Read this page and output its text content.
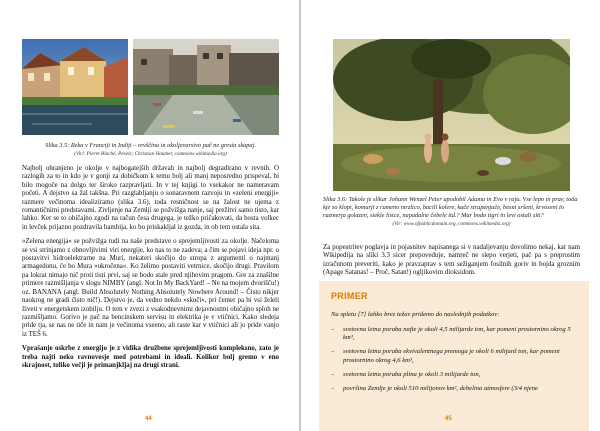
Slika 3.5: Reka v Franciji in Indiji – revščina in okoljevarstvo pač ne gresta skupaj.
(Viri: Pierre Blaché, Pexels; Christian Haumer, commons.wikimedia.org)

Najbolj ohranjeno je okolje v najbogatejših državah in najbolj degradirano v revnih. O razlogih za to in kdo je v gonji za dobičkom k temu bolj ali manj neposredno prispeval, bi bilo mogoče na dolgo ter široko razpravljati. In v tej knjigi to vsekakor ne nameravam početi. A dejstvo sa žal takšna. Pri razglabljanju o sonaravnem razvoju in »zeleni energiji« razmere večinoma idealiziramo (slika 3.6), toda resničnost se na žalost ne ujema z romantičnimi predstavami. Zivljenje na Zemlji se požvižga nanje, saj prežitvi samo tisto, kar lahko. Ker se to običajno zgodi na račun česa drugega, je težko pričakovati, da bosta volkec in levček prijazno pozdravila bambija, ko bo priskakljal iz gozda, in ob tem ostala sita.

»Zelena energija« se požvižga tudi na naše predstave o sprejemljivosti za okolje. Načeloma se vsi strinjamo z obnovljivimi viri energije, ko nas to ne zadeva; a čim se pojavi ideja npr. o postavitvi hidroelektrarne na Muri, nekateri skočijo do stropa z argumenti o najmanj armagedonu, če bo Mura »ukročena«. Ko želimo postaviti vetrnice, skočijo drugi. Pravilom pa lokrat nimajo nič proti tisti prvi, saj se bodo stale pred njihovim pragom. Gre za znašilne primere razmišljanja v slogu NIMBY (angl. Not In My BackYard! – Ne na mojem dvorišču!) oz. BANANA (angl. Build Absolutely Nothing Absolutely Nowhere Around! – Čisto nikjer naokrog ne gradi čisto nič!). Dejstvo je, da vedno nekdo »skoči«, pri čemer pa bi vsi želeli živeti v energetskem izobilju. O tem v zvezi z vsakodnevnimi dejavnostmi običajno sploh ne razmišljamo. Gorivo je pač na bencinskem servisu in elektrika je v vtičnici. Kako sledeja pride tja, se nas ne tiče in nam je večinoma vseeno, ali raste kar v vtičnici ali jo pride vanjo iz TEŠ 6.

Vprašanje oskrbe z energijo je z vidika družbene sprejemljivosti kompleksno, zato je treba najti neko ravnovesje med potrebami in ideali. Kolikor bolj gremo v eno skrajnost, toliko večji je primanjkljaj na drugi strani.

44
Slika 3.6: Takole je slikar Johann Wenzel Peter upodobil Adama in Evo v raju. Vse lepo in prav, toda kje so klopi, komarji z rumeno mrzlico, bacili kolere, kače strupenjače, besni sršeni, krvoseni in razmerja golazen, stekle lisice, napadalne čebele itd.? Mar bodo tigri in levi ostali siti?
(Vir: www.ofpublicdomain.org, commons.wikimedia.org)

Za popestritev poglavja in pojasnitev napisanega si v nadaljevanju dovolimo nekaj, kar nam Wikipedija na sliki 3.3 sicer prepoveduje, namreč ne slepo verjeti, pač pa s preprostim izračunom preveriti, kako je pravzaprav s tem sežiganjem fosilnih goriv in bojda grozním (Apage Satanas! – Proč, Satan!) ogljikovim dioksidom.

PRIMER
Na spletu [7] lahko brez težav pridemo do naslednjih podatkov:
– svetovna letna poraba nafte je okoli 4,5 milijarde ton, kar pomeni prostornino okrog 5 km³,
– svetovna letna poraba ekvivalentnega premoga je okoli 6 milijard ton, kar pomeni prostornino okrog 4,6 km³,
– svetovna letna poraba plina je okoli 3 milijarde ton,
– površina Zemlje je okoli 510 milijonov km², debelina atmosfere (3/4 njene
45
